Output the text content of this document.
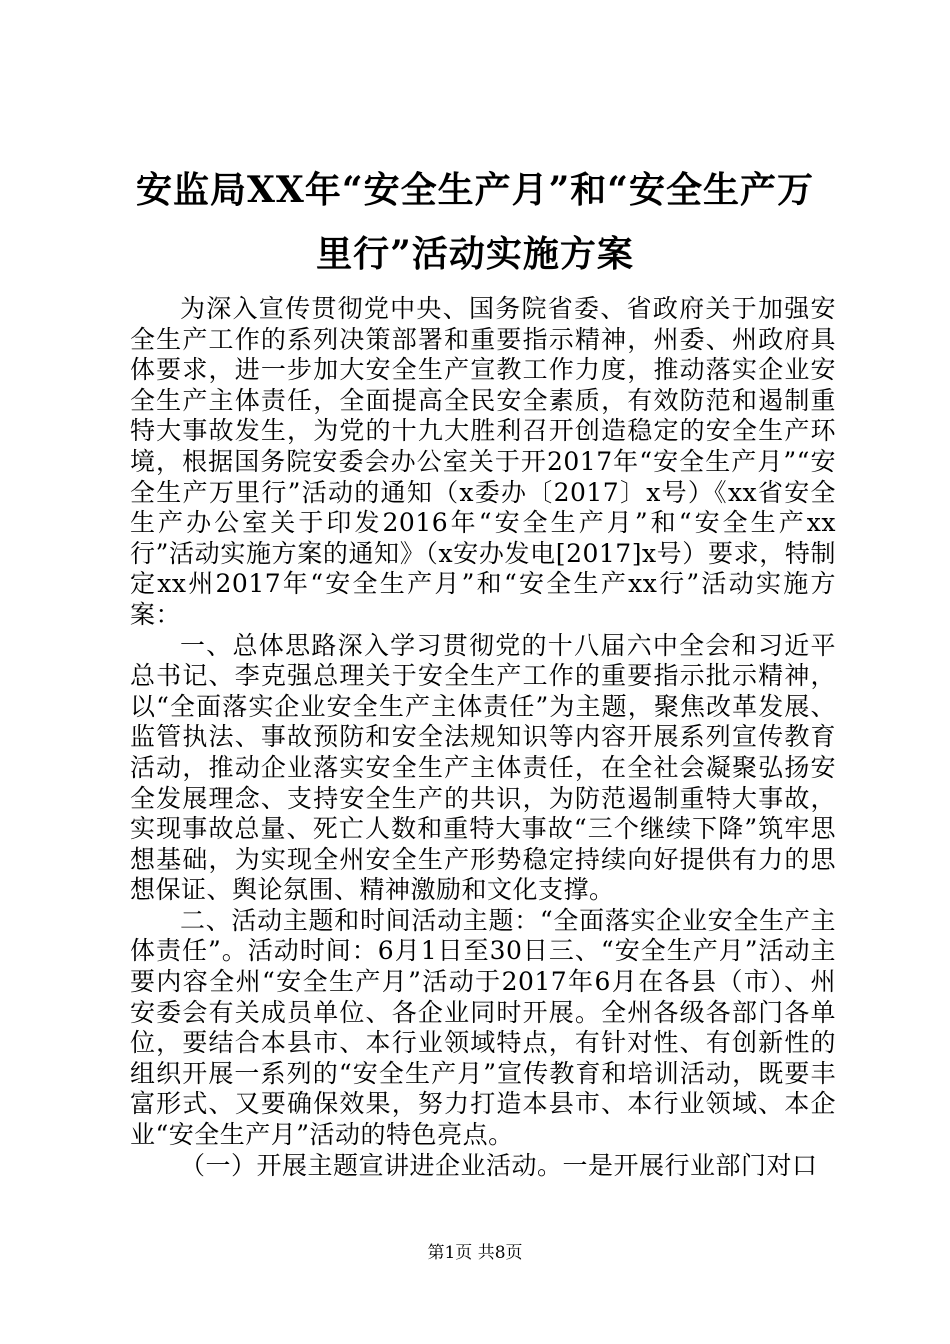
安监局XX年“安全生产月”和“安全生产万里行”活动实施方案

为深入宣传贯彻党中央、国务院省委、省政府关于加强安全生产工作的系列决策部署和重要指示精神，州委、州政府具体要求，进一步加大安全生产宣教工作力度，推动落实企业安全生产主体责任，全面提高全民安全素质，有效防范和遏制重特大事故发生，为党的十九大胜利召开创造稳定的安全生产环境，根据国务院安委会办公室关于开2017年“安全生产月”“安全生产万里行”活动的通知（x委办〔2017〕x号）《xx省安全生产办公室关于印发2016年“安全生产月”和“安全生产xx行”活动实施方案的通知》（x安办发电[2017]x号）要求，特制定xx州2017年“安全生产月”和“安全生产xx行”活动实施方案：

一、总体思路深入学习贯彻党的十八届六中全会和习近平总书记、李克强总理关于安全生产工作的重要指示批示精神，以“全面落实企业安全生产主体责任”为主题，聚焦改革发展、监管执法、事故预防和安全法规知识等内容开展系列宣传教育活动，推动企业落实安全生产主体责任，在全社会凝聚弘扬安全发展理念、支持安全生产的共识，为防范遏制重特大事故，实现事故总量、死亡人数和重特大事故“三个继续下降”筑牢思想基础，为实现全州安全生产形势稳定持续向好提供有力的思想保证、舆论氛围、精神激励和文化支撑。

二、活动主题和时间活动主题：“全面落实企业安全生产主体责任”。活动时间：6月1日至30日三、“安全生产月”活动主要内容全州“安全生产月”活动于2017年6月在各县（市）、州安委会有关成员单位、各企业同时开展。全州各级各部门各单位，要结合本县市、本行业领域特点，有针对性、有创新性的组织开展一系列的“安全生产月”宣传教育和培训活动，既要丰富形式、又要确保效果，努力打造本县市、本行业领域、本企业“安全生产月”活动的特色亮点。

（一）开展主题宣讲进企业活动。一是开展行业部门对口

第1页 共8页
